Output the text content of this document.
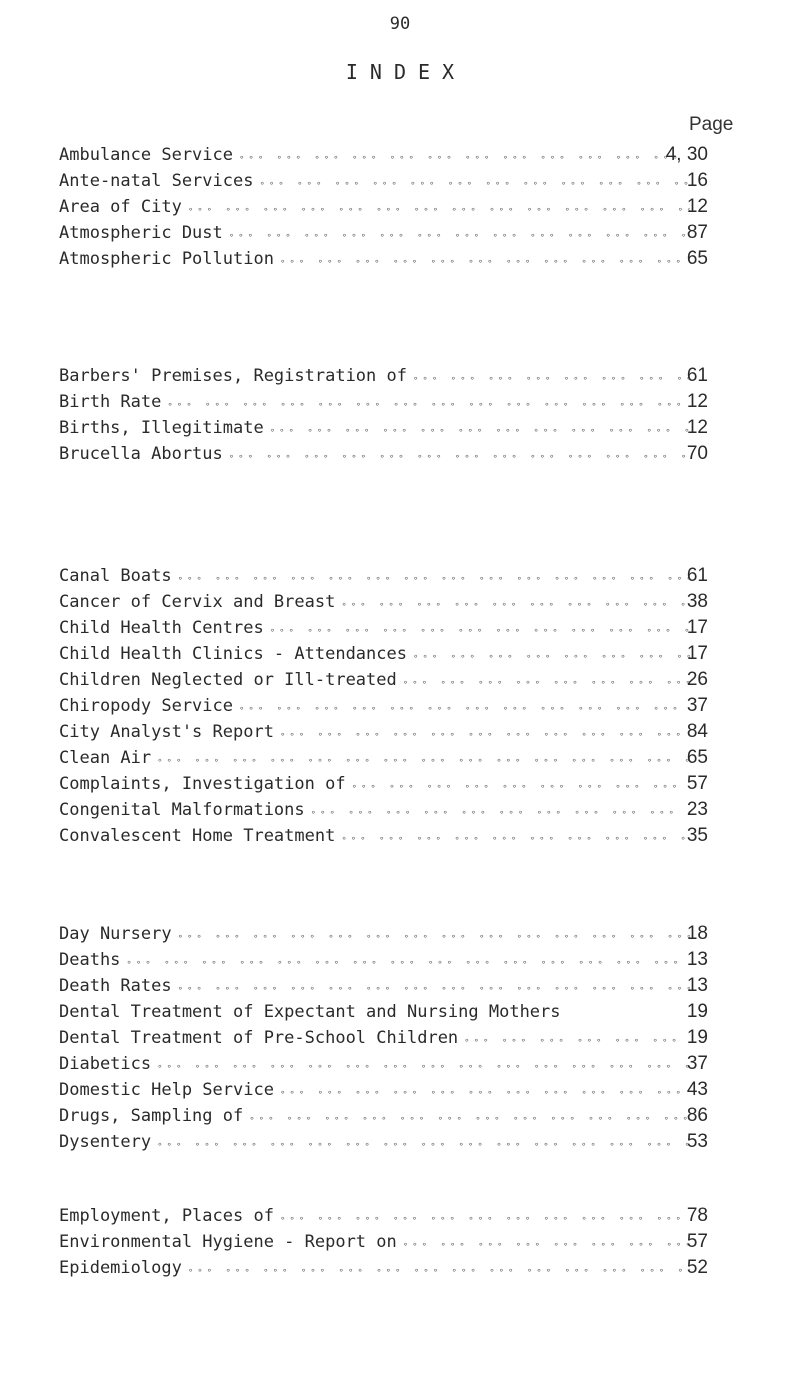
90
INDEX
Page
Ambulance Service ∘∘∘ ∘∘∘ ∘∘∘ ∘∘∘ ∘∘∘ ∘∘∘ ∘∘∘ ∘∘∘ ∘∘∘ ∘∘∘ ∘∘∘ ∘∘∘ ∘∘∘ ∘∘∘ ∘∘∘ ∘∘∘ ∘∘∘ ∘∘∘ ∘∘∘ ∘∘∘	4, 30
Ante-natal Services ∘∘∘ ∘∘∘ ∘∘∘ ∘∘∘ ∘∘∘ ∘∘∘ ∘∘∘ ∘∘∘ ∘∘∘ ∘∘∘ ∘∘∘ ∘∘∘ ∘∘∘ ∘∘∘ ∘∘∘ ∘∘∘ ∘∘∘ ∘∘∘ ∘∘∘ ∘∘∘	16
Area of City ∘∘∘ ∘∘∘ ∘∘∘ ∘∘∘ ∘∘∘ ∘∘∘ ∘∘∘ ∘∘∘ ∘∘∘ ∘∘∘ ∘∘∘ ∘∘∘ ∘∘∘ ∘∘∘ ∘∘∘ ∘∘∘ ∘∘∘ ∘∘∘ ∘∘∘ ∘∘∘	12
Atmospheric Dust ∘∘∘ ∘∘∘ ∘∘∘ ∘∘∘ ∘∘∘ ∘∘∘ ∘∘∘ ∘∘∘ ∘∘∘ ∘∘∘ ∘∘∘ ∘∘∘ ∘∘∘ ∘∘∘ ∘∘∘ ∘∘∘ ∘∘∘ ∘∘∘ ∘∘∘ ∘∘∘	87
Atmospheric Pollution ∘∘∘ ∘∘∘ ∘∘∘ ∘∘∘ ∘∘∘ ∘∘∘ ∘∘∘ ∘∘∘ ∘∘∘ ∘∘∘ ∘∘∘ ∘∘∘ ∘∘∘ ∘∘∘ ∘∘∘ ∘∘∘ ∘∘∘ ∘∘∘ ∘∘∘ ∘∘∘	65
Barbers' Premises, Registration of ∘∘∘ ∘∘∘ ∘∘∘ ∘∘∘ ∘∘∘ ∘∘∘ ∘∘∘ ∘∘∘ ∘∘∘ ∘∘∘ ∘∘∘ ∘∘∘ ∘∘∘ ∘∘∘ ∘∘∘ ∘∘∘ ∘∘∘ ∘∘∘ ∘∘∘ ∘∘∘	61
Birth Rate ∘∘∘ ∘∘∘ ∘∘∘ ∘∘∘ ∘∘∘ ∘∘∘ ∘∘∘ ∘∘∘ ∘∘∘ ∘∘∘ ∘∘∘ ∘∘∘ ∘∘∘ ∘∘∘ ∘∘∘ ∘∘∘ ∘∘∘ ∘∘∘ ∘∘∘ ∘∘∘	12
Births, Illegitimate ∘∘∘ ∘∘∘ ∘∘∘ ∘∘∘ ∘∘∘ ∘∘∘ ∘∘∘ ∘∘∘ ∘∘∘ ∘∘∘ ∘∘∘ ∘∘∘ ∘∘∘ ∘∘∘ ∘∘∘ ∘∘∘ ∘∘∘ ∘∘∘ ∘∘∘ ∘∘∘	12
Brucella Abortus ∘∘∘ ∘∘∘ ∘∘∘ ∘∘∘ ∘∘∘ ∘∘∘ ∘∘∘ ∘∘∘ ∘∘∘ ∘∘∘ ∘∘∘ ∘∘∘ ∘∘∘ ∘∘∘ ∘∘∘ ∘∘∘ ∘∘∘ ∘∘∘ ∘∘∘ ∘∘∘	70
Canal Boats ∘∘∘ ∘∘∘ ∘∘∘ ∘∘∘ ∘∘∘ ∘∘∘ ∘∘∘ ∘∘∘ ∘∘∘ ∘∘∘ ∘∘∘ ∘∘∘ ∘∘∘ ∘∘∘ ∘∘∘ ∘∘∘ ∘∘∘ ∘∘∘ ∘∘∘ ∘∘∘	61
Cancer of Cervix and Breast ∘∘∘ ∘∘∘ ∘∘∘ ∘∘∘ ∘∘∘ ∘∘∘ ∘∘∘ ∘∘∘ ∘∘∘ ∘∘∘ ∘∘∘ ∘∘∘ ∘∘∘ ∘∘∘ ∘∘∘ ∘∘∘ ∘∘∘ ∘∘∘ ∘∘∘ ∘∘∘	38
Child Health Centres ∘∘∘ ∘∘∘ ∘∘∘ ∘∘∘ ∘∘∘ ∘∘∘ ∘∘∘ ∘∘∘ ∘∘∘ ∘∘∘ ∘∘∘ ∘∘∘ ∘∘∘ ∘∘∘ ∘∘∘ ∘∘∘ ∘∘∘ ∘∘∘ ∘∘∘ ∘∘∘	17
Child Health Clinics - Attendances ∘∘∘ ∘∘∘ ∘∘∘ ∘∘∘ ∘∘∘ ∘∘∘ ∘∘∘ ∘∘∘ ∘∘∘ ∘∘∘ ∘∘∘ ∘∘∘ ∘∘∘ ∘∘∘ ∘∘∘ ∘∘∘ ∘∘∘ ∘∘∘ ∘∘∘ ∘∘∘	17
Children Neglected or Ill-treated ∘∘∘ ∘∘∘ ∘∘∘ ∘∘∘ ∘∘∘ ∘∘∘ ∘∘∘ ∘∘∘ ∘∘∘ ∘∘∘ ∘∘∘ ∘∘∘ ∘∘∘ ∘∘∘ ∘∘∘ ∘∘∘ ∘∘∘ ∘∘∘ ∘∘∘ ∘∘∘	26
Chiropody Service ∘∘∘ ∘∘∘ ∘∘∘ ∘∘∘ ∘∘∘ ∘∘∘ ∘∘∘ ∘∘∘ ∘∘∘ ∘∘∘ ∘∘∘ ∘∘∘ ∘∘∘ ∘∘∘ ∘∘∘ ∘∘∘ ∘∘∘ ∘∘∘ ∘∘∘ ∘∘∘	37
City Analyst's Report ∘∘∘ ∘∘∘ ∘∘∘ ∘∘∘ ∘∘∘ ∘∘∘ ∘∘∘ ∘∘∘ ∘∘∘ ∘∘∘ ∘∘∘ ∘∘∘ ∘∘∘ ∘∘∘ ∘∘∘ ∘∘∘ ∘∘∘ ∘∘∘ ∘∘∘ ∘∘∘	84
Clean Air ∘∘∘ ∘∘∘ ∘∘∘ ∘∘∘ ∘∘∘ ∘∘∘ ∘∘∘ ∘∘∘ ∘∘∘ ∘∘∘ ∘∘∘ ∘∘∘ ∘∘∘ ∘∘∘ ∘∘∘ ∘∘∘ ∘∘∘ ∘∘∘ ∘∘∘ ∘∘∘	65
Complaints, Investigation of ∘∘∘ ∘∘∘ ∘∘∘ ∘∘∘ ∘∘∘ ∘∘∘ ∘∘∘ ∘∘∘ ∘∘∘ ∘∘∘ ∘∘∘ ∘∘∘ ∘∘∘ ∘∘∘ ∘∘∘ ∘∘∘ ∘∘∘ ∘∘∘ ∘∘∘ ∘∘∘	57
Congenital Malformations ∘∘∘ ∘∘∘ ∘∘∘ ∘∘∘ ∘∘∘ ∘∘∘ ∘∘∘ ∘∘∘ ∘∘∘ ∘∘∘ ∘∘∘ ∘∘∘ ∘∘∘ ∘∘∘ ∘∘∘ ∘∘∘ ∘∘∘ ∘∘∘ ∘∘∘ ∘∘∘	23
Convalescent Home Treatment ∘∘∘ ∘∘∘ ∘∘∘ ∘∘∘ ∘∘∘ ∘∘∘ ∘∘∘ ∘∘∘ ∘∘∘ ∘∘∘ ∘∘∘ ∘∘∘ ∘∘∘ ∘∘∘ ∘∘∘ ∘∘∘ ∘∘∘ ∘∘∘ ∘∘∘ ∘∘∘	35
Day Nursery ∘∘∘ ∘∘∘ ∘∘∘ ∘∘∘ ∘∘∘ ∘∘∘ ∘∘∘ ∘∘∘ ∘∘∘ ∘∘∘ ∘∘∘ ∘∘∘ ∘∘∘ ∘∘∘ ∘∘∘ ∘∘∘ ∘∘∘ ∘∘∘ ∘∘∘ ∘∘∘	18
Deaths ∘∘∘ ∘∘∘ ∘∘∘ ∘∘∘ ∘∘∘ ∘∘∘ ∘∘∘ ∘∘∘ ∘∘∘ ∘∘∘ ∘∘∘ ∘∘∘ ∘∘∘ ∘∘∘ ∘∘∘ ∘∘∘ ∘∘∘ ∘∘∘ ∘∘∘ ∘∘∘	13
Death Rates ∘∘∘ ∘∘∘ ∘∘∘ ∘∘∘ ∘∘∘ ∘∘∘ ∘∘∘ ∘∘∘ ∘∘∘ ∘∘∘ ∘∘∘ ∘∘∘ ∘∘∘ ∘∘∘ ∘∘∘ ∘∘∘ ∘∘∘ ∘∘∘ ∘∘∘ ∘∘∘	13
Dental Treatment of Expectant and Nursing Mothers	19
Dental Treatment of Pre-School Children ∘∘∘ ∘∘∘ ∘∘∘ ∘∘∘ ∘∘∘ ∘∘∘ ∘∘∘ ∘∘∘ ∘∘∘ ∘∘∘ ∘∘∘ ∘∘∘ ∘∘∘ ∘∘∘ ∘∘∘ ∘∘∘ ∘∘∘ ∘∘∘ ∘∘∘ ∘∘∘	19
Diabetics ∘∘∘ ∘∘∘ ∘∘∘ ∘∘∘ ∘∘∘ ∘∘∘ ∘∘∘ ∘∘∘ ∘∘∘ ∘∘∘ ∘∘∘ ∘∘∘ ∘∘∘ ∘∘∘ ∘∘∘ ∘∘∘ ∘∘∘ ∘∘∘ ∘∘∘ ∘∘∘	37
Domestic Help Service ∘∘∘ ∘∘∘ ∘∘∘ ∘∘∘ ∘∘∘ ∘∘∘ ∘∘∘ ∘∘∘ ∘∘∘ ∘∘∘ ∘∘∘ ∘∘∘ ∘∘∘ ∘∘∘ ∘∘∘ ∘∘∘ ∘∘∘ ∘∘∘ ∘∘∘ ∘∘∘	43
Drugs, Sampling of ∘∘∘ ∘∘∘ ∘∘∘ ∘∘∘ ∘∘∘ ∘∘∘ ∘∘∘ ∘∘∘ ∘∘∘ ∘∘∘ ∘∘∘ ∘∘∘ ∘∘∘ ∘∘∘ ∘∘∘ ∘∘∘ ∘∘∘ ∘∘∘ ∘∘∘ ∘∘∘	86
Dysentery ∘∘∘ ∘∘∘ ∘∘∘ ∘∘∘ ∘∘∘ ∘∘∘ ∘∘∘ ∘∘∘ ∘∘∘ ∘∘∘ ∘∘∘ ∘∘∘ ∘∘∘ ∘∘∘ ∘∘∘ ∘∘∘ ∘∘∘ ∘∘∘ ∘∘∘ ∘∘∘	53
Employment, Places of ∘∘∘ ∘∘∘ ∘∘∘ ∘∘∘ ∘∘∘ ∘∘∘ ∘∘∘ ∘∘∘ ∘∘∘ ∘∘∘ ∘∘∘ ∘∘∘ ∘∘∘ ∘∘∘ ∘∘∘ ∘∘∘ ∘∘∘ ∘∘∘ ∘∘∘ ∘∘∘	78
Environmental Hygiene - Report on ∘∘∘ ∘∘∘ ∘∘∘ ∘∘∘ ∘∘∘ ∘∘∘ ∘∘∘ ∘∘∘ ∘∘∘ ∘∘∘ ∘∘∘ ∘∘∘ ∘∘∘ ∘∘∘ ∘∘∘ ∘∘∘ ∘∘∘ ∘∘∘ ∘∘∘ ∘∘∘	57
Epidemiology ∘∘∘ ∘∘∘ ∘∘∘ ∘∘∘ ∘∘∘ ∘∘∘ ∘∘∘ ∘∘∘ ∘∘∘ ∘∘∘ ∘∘∘ ∘∘∘ ∘∘∘ ∘∘∘ ∘∘∘ ∘∘∘ ∘∘∘ ∘∘∘ ∘∘∘ ∘∘∘	52
